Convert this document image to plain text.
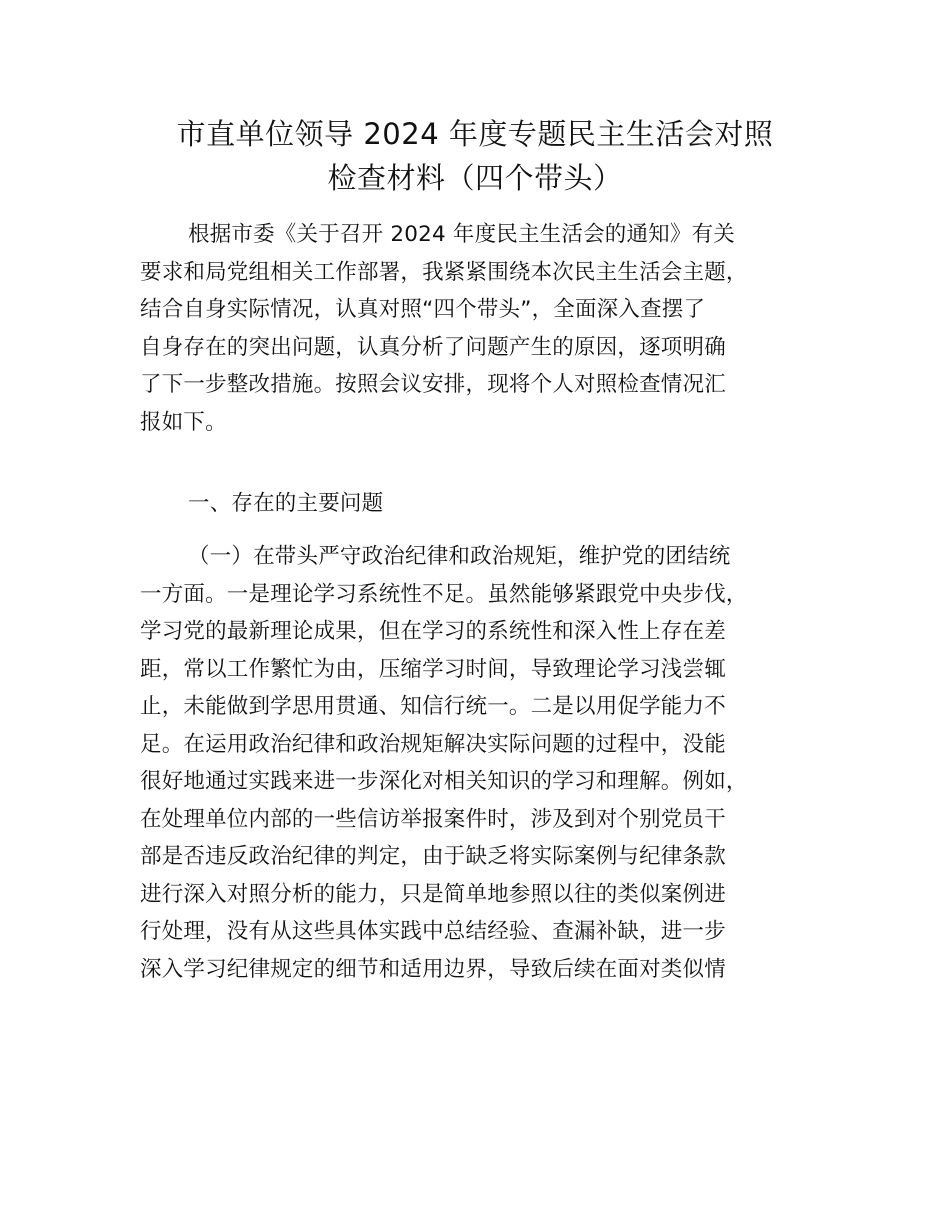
市直单位领导 2024 年度专题民主生活会对照
检查材料（四个带头）
根据市委《关于召开 2024 年度民主生活会的通知》有关
要求和局党组相关工作部署，我紧紧围绕本次民主生活会主题，
结合自身实际情况，认真对照“四个带头”，全面深入查摆了
自身存在的突出问题，认真分析了问题产生的原因，逐项明确
了下一步整改措施。按照会议安排，现将个人对照检查情况汇
报如下。
一、存在的主要问题
（一）在带头严守政治纪律和政治规矩，维护党的团结统
一方面。一是理论学习系统性不足。虽然能够紧跟党中央步伐，
学习党的最新理论成果，但在学习的系统性和深入性上存在差
距，常以工作繁忙为由，压缩学习时间，导致理论学习浅尝辄
止，未能做到学思用贯通、知信行统一。二是以用促学能力不
足。在运用政治纪律和政治规矩解决实际问题的过程中，没能
很好地通过实践来进一步深化对相关知识的学习和理解。例如，
在处理单位内部的一些信访举报案件时，涉及到对个别党员干
部是否违反政治纪律的判定，由于缺乏将实际案例与纪律条款
进行深入对照分析的能力，只是简单地参照以往的类似案例进
行处理，没有从这些具体实践中总结经验、查漏补缺，进一步
深入学习纪律规定的细节和适用边界，导致后续在面对类似情
